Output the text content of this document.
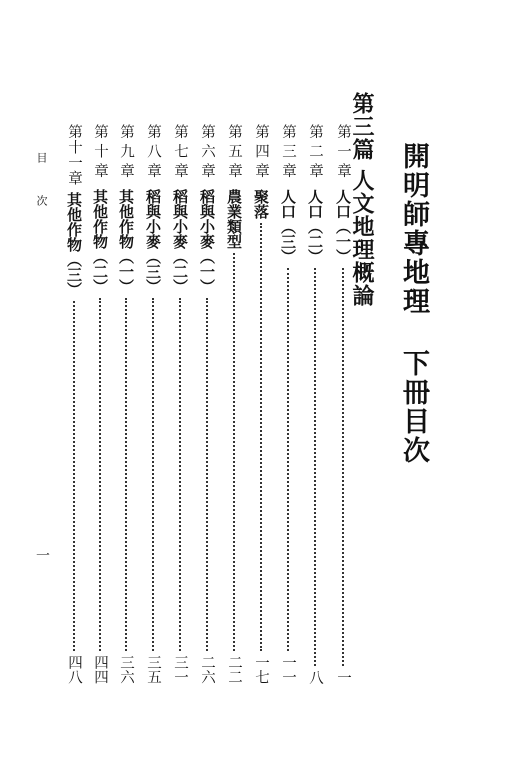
開明師專地理 下冊目次
第三篇人文地理概論
第一章
人口（一）
一
第二章
人口（二）
八
第三章
人口（三）
一一
第四章
聚落
一七
第五章
農業類型
二二
第六章
稻與小麥（一）
二六
第七章
稻與小麥（二）
三一
第八章
稻與小麥（三）
三五
第九章
其他作物（一）
三六
第十章
其他作物（二）
四四
第十一章
其他作物（三）
四八
目
次
一
